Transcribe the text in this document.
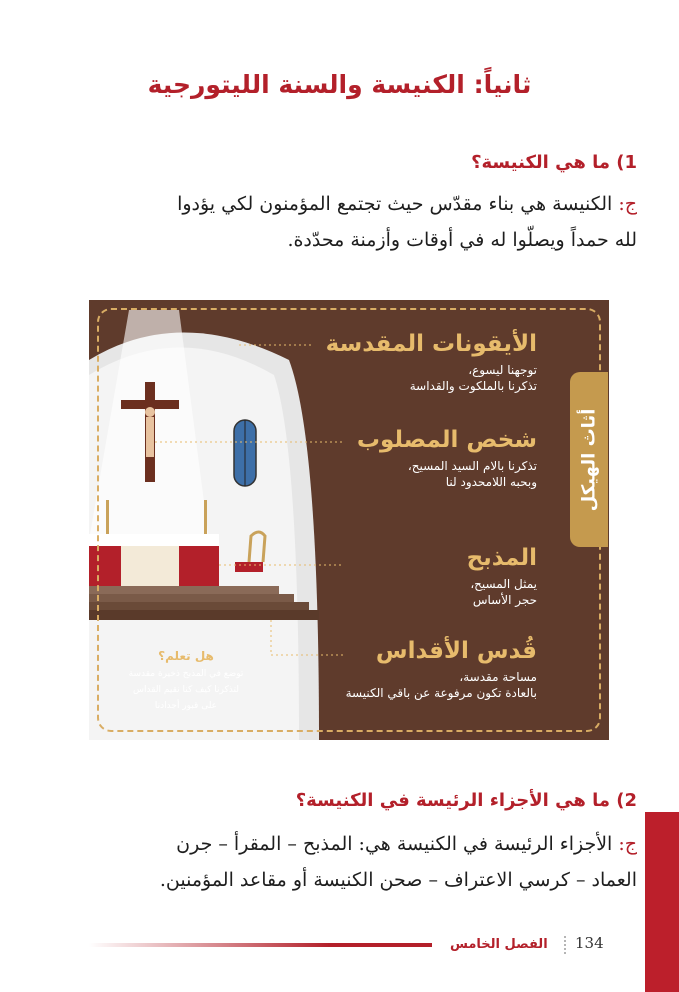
ثانياً: الكنيسة والسنة الليتورجية

1) ما هي الكنيسة؟

ج:الكنيسة هي بناء مقدّس حيث تجتمع المؤمنون لكي يؤدوا
لله حمداً ويصلّوا له في أوقات وأزمنة محدّدة.

الأيقونات المقدسة

توجهنا ليسوع،
تذكرنا بالملكوت والقداسة

شخص المصلوب

تذكرنا بالام السيد المسيح،
وبحبه اللامحدود لنا

المذبح

يمثل المسيح،
حجر الأساس

قُدس الأقداس

مساحة مقدسة،
بالعادة تكون مرفوعة عن باقي الكنيسة

هل تعلم؟

توضع في المذبح ذخيرة مقدسة

لتذكرنا كيف كنا نقيم القداس

على قبور أجدادنا

أثاث الهيكل

2) ما هي الأجزاء الرئيسة في الكنيسة؟

ج:الأجزاء الرئيسة في الكنيسة هي: المذبح – المقرأ – جرن
العماد – كرسي الاعتراف – صحن الكنيسة أو مقاعد المؤمنين.
الفصل الخامس 134
